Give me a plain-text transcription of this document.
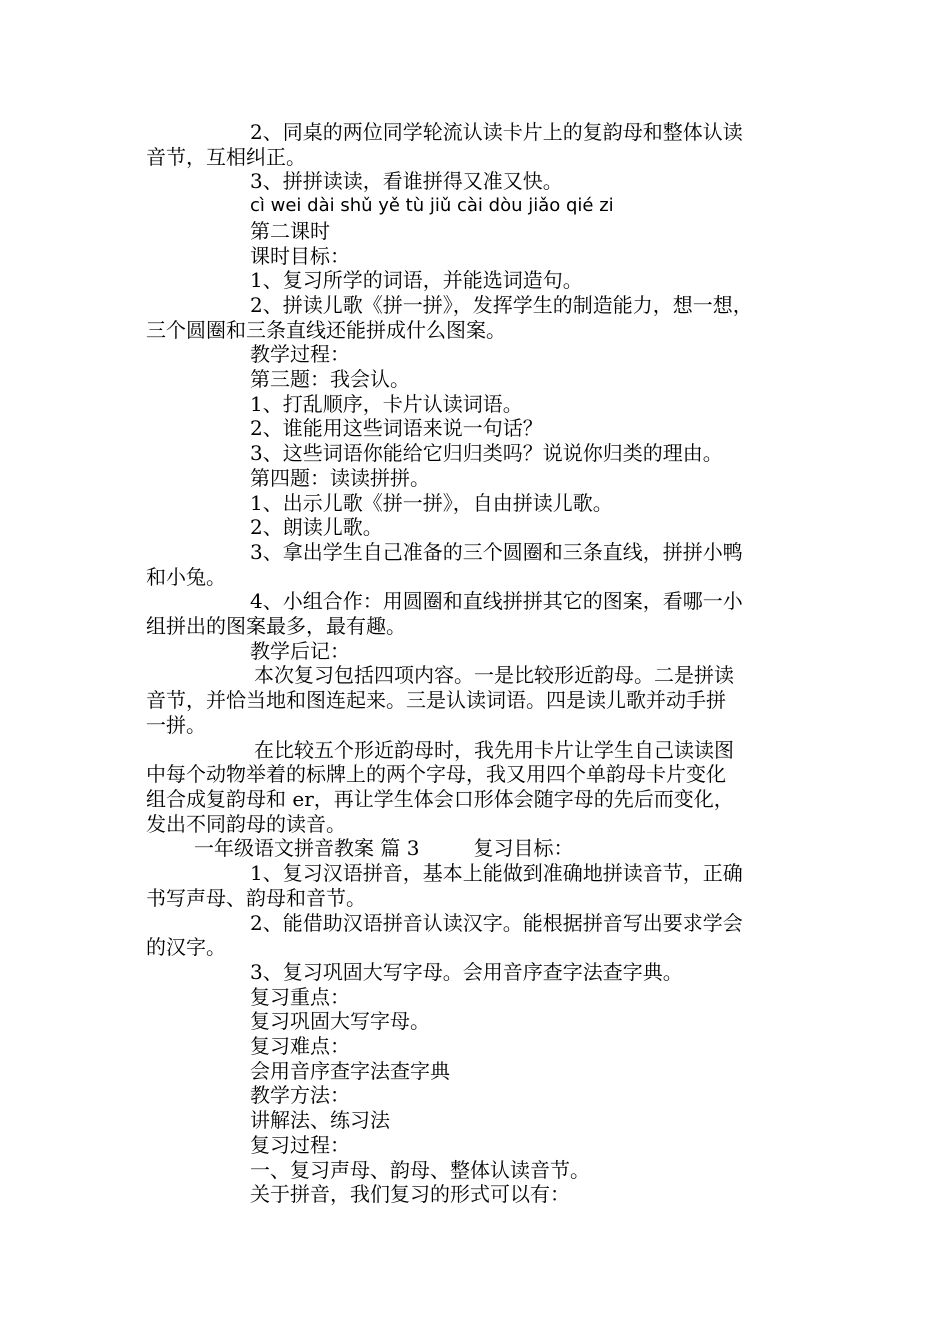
2、同桌的两位同学轮流认读卡片上的复韵母和整体认读
音节，互相纠正。
3、拼拼读读，看谁拼得又准又快。
cì wei dài shǔ yě tù jiǔ cài dòu jiǎo qié zi
第二课时
课时目标：
1、复习所学的词语，并能选词造句。
2、拼读儿歌《拼一拼》，发挥学生的制造能力，想一想，
三个圆圈和三条直线还能拼成什么图案。
教学过程：
第三题：我会认。
1、打乱顺序，卡片认读词语。
2、谁能用这些词语来说一句话？
3、这些词语你能给它归归类吗？说说你归类的理由。
第四题：读读拼拼。
1、出示儿歌《拼一拼》，自由拼读儿歌。
2、朗读儿歌。
3、拿出学生自己准备的三个圆圈和三条直线，拼拼小鸭
和小兔。
4、小组合作：用圆圈和直线拼拼其它的图案，看哪一小
组拼出的图案最多，最有趣。
教学后记：
本次复习包括四项内容。一是比较形近韵母。二是拼读
音节，并恰当地和图连起来。三是认读词语。四是读儿歌并动手拼
一拼。
在比较五个形近韵母时，我先用卡片让学生自己读读图
中每个动物举着的标牌上的两个字母，我又用四个单韵母卡片变化
组合成复韵母和 er，再让学生体会口形体会随字母的先后而变化，
发出不同韵母的读音。
一年级语文拼音教案 篇 3	复习目标：
1、复习汉语拼音，基本上能做到准确地拼读音节，正确
书写声母、韵母和音节。
2、能借助汉语拼音认读汉字。能根据拼音写出要求学会
的汉字。
3、复习巩固大写字母。会用音序查字法查字典。
复习重点：
复习巩固大写字母。
复习难点：
会用音序查字法查字典
教学方法：
讲解法、练习法
复习过程：
一、复习声母、韵母、整体认读音节。
关于拼音，我们复习的形式可以有：
